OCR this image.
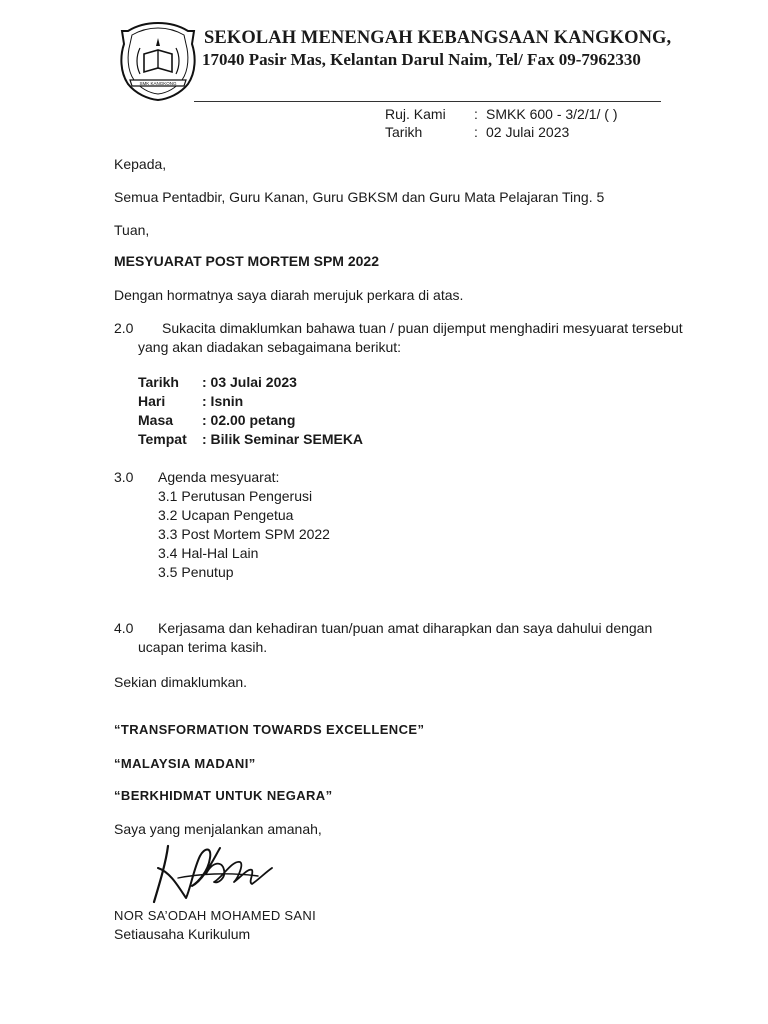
SMK KANGKONG
SEKOLAH MENENGAH KEBANGSAAN KANGKONG,
17040 Pasir Mas, Kelantan Darul Naim, Tel/ Fax 09-7962330
Ruj. Kami	: SMKK 600 - 3/2/1/ ( )
Tarikh	: 02 Julai 2023
Kepada,
Semua Pentadbir, Guru Kanan, Guru GBKSM dan Guru Mata Pelajaran Ting. 5
Tuan,
MESYUARAT POST MORTEM SPM 2022
Dengan hormatnya saya diarah merujuk perkara di atas.
2.0 Sukacita dimaklumkan bahawa tuan / puan dijemput menghadiri mesyuarat tersebut
yang akan diadakan sebagaimana berikut:
Tarikh	: 03 Julai 2023
Hari	: Isnin
Masa	: 02.00 petang
Tempat	: Bilik Seminar SEMEKA
3.0 Agenda mesyuarat:
3.1 Perutusan Pengerusi
3.2 Ucapan Pengetua
3.3 Post Mortem SPM 2022
3.4 Hal-Hal Lain
3.5 Penutup
4.0 Kerjasama dan kehadiran tuan/puan amat diharapkan dan saya dahului dengan
ucapan terima kasih.
Sekian dimaklumkan.
“TRANSFORMATION TOWARDS EXCELLENCE”
“MALAYSIA MADANI”
“BERKHIDMAT UNTUK NEGARA”
Saya yang menjalankan amanah,
NOR SA’ODAH MOHAMED SANI
Setiausaha Kurikulum
